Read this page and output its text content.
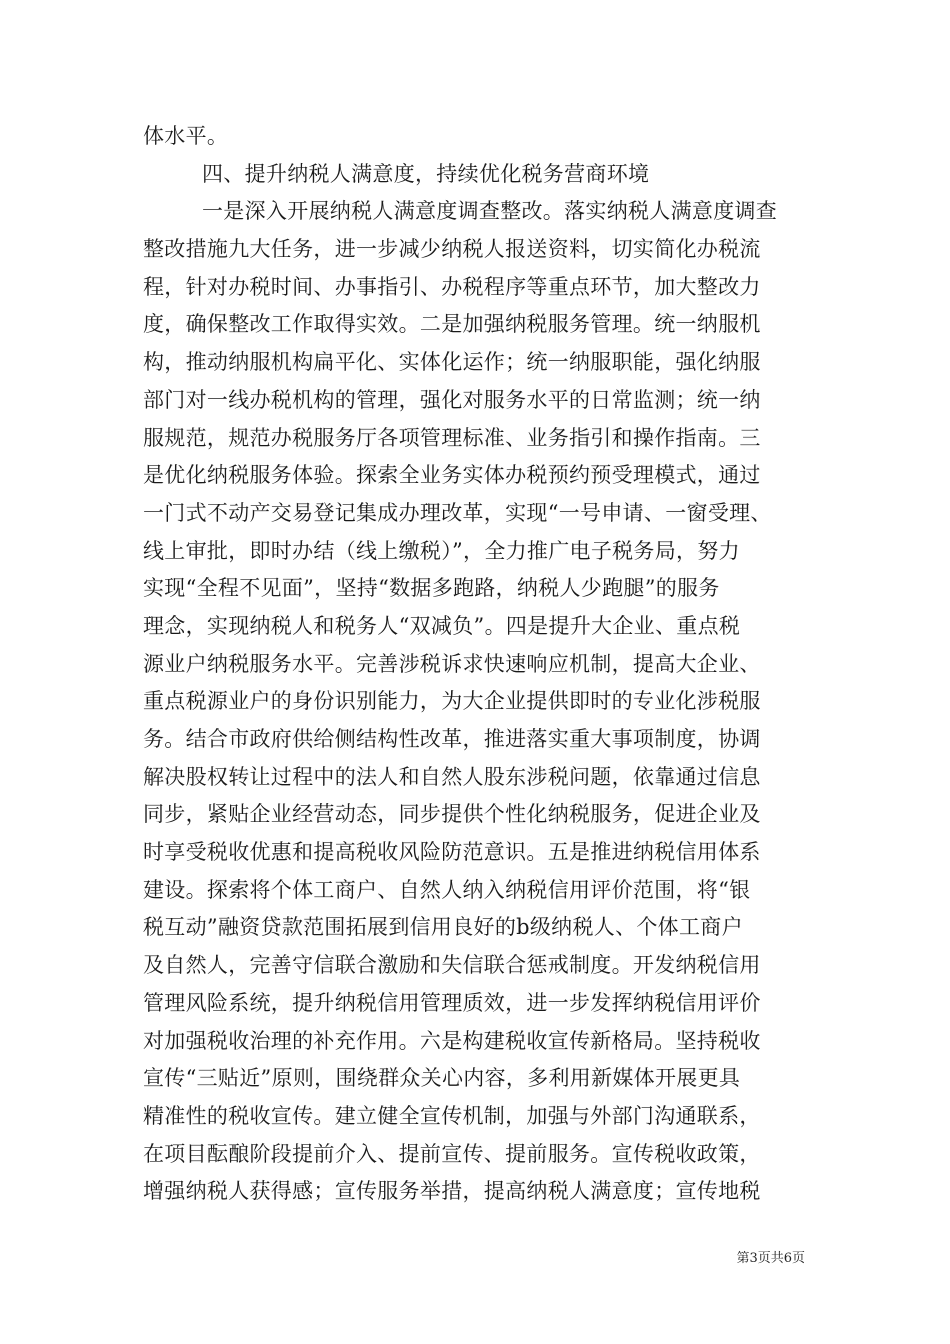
体水平。
四、提升纳税人满意度，持续优化税务营商环境
一是深入开展纳税人满意度调查整改。落实纳税人满意度调查
整改措施九大任务，进一步减少纳税人报送资料，切实简化办税流
程，针对办税时间、办事指引、办税程序等重点环节，加大整改力
度，确保整改工作取得实效。二是加强纳税服务管理。统一纳服机
构，推动纳服机构扁平化、实体化运作；统一纳服职能，强化纳服
部门对一线办税机构的管理，强化对服务水平的日常监测；统一纳
服规范，规范办税服务厅各项管理标准、业务指引和操作指南。三
是优化纳税服务体验。探索全业务实体办税预约预受理模式，通过
一门式不动产交易登记集成办理改革，实现“一号申请、一窗受理、
线上审批，即时办结（线上缴税）”，全力推广电子税务局，努力
实现“全程不见面”，坚持“数据多跑路，纳税人少跑腿”的服务
理念，实现纳税人和税务人“双减负”。四是提升大企业、重点税
源业户纳税服务水平。完善涉税诉求快速响应机制，提高大企业、
重点税源业户的身份识别能力，为大企业提供即时的专业化涉税服
务。结合市政府供给侧结构性改革，推进落实重大事项制度，协调
解决股权转让过程中的法人和自然人股东涉税问题，依靠通过信息
同步，紧贴企业经营动态，同步提供个性化纳税服务，促进企业及
时享受税收优惠和提高税收风险防范意识。五是推进纳税信用体系
建设。探索将个体工商户、自然人纳入纳税信用评价范围，将“银
税互动”融资贷款范围拓展到信用良好的b级纳税人、个体工商户
及自然人，完善守信联合激励和失信联合惩戒制度。开发纳税信用
管理风险系统，提升纳税信用管理质效，进一步发挥纳税信用评价
对加强税收治理的补充作用。六是构建税收宣传新格局。坚持税收
宣传“三贴近”原则，围绕群众关心内容，多利用新媒体开展更具
精准性的税收宣传。建立健全宣传机制，加强与外部门沟通联系，
在项目酝酿阶段提前介入、提前宣传、提前服务。宣传税收政策，
增强纳税人获得感；宣传服务举措，提高纳税人满意度；宣传地税
第3页共6页
